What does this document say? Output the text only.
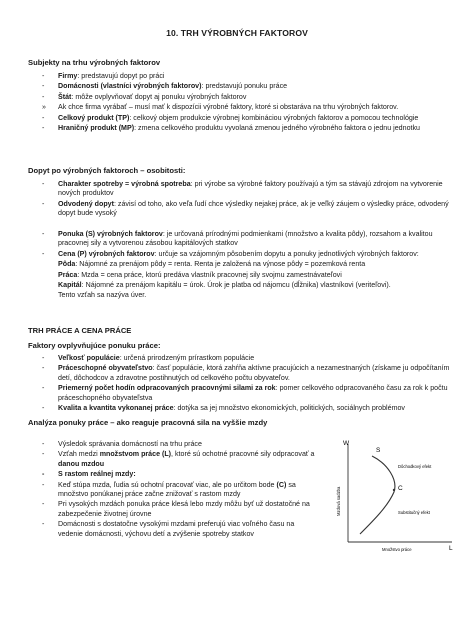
10. TRH VÝROBNÝCH FAKTOROV
Subjekty na trhu výrobných faktorov
- Firmy: predstavujú dopyt po práci
- Domácnosti (vlastníci výrobných faktorov): predstavujú ponuku práce
- Štát: môže ovplyvňovať dopyt aj ponuku výrobných faktorov
» Ak chce firma vyrábať – musí mať k dispozícii výrobné faktory, ktoré si obstaráva na trhu výrobných faktorov.
- Celkový produkt (TP): celkový objem produkcie výrobnej kombináciou výrobných faktorov a pomocou technológie
- Hraničný produkt (MP): zmena celkového produktu vyvolaná zmenou jedného výrobného faktora o jednu jednotku
Dopyt po výrobných faktoroch – osobitosti:
- Charakter spotreby = výrobná spotreba: pri výrobe sa výrobné faktory používajú a tým sa stávajú zdrojom na vytvorenie nových produktov
- Odvodený dopyt: závisí od toho, ako veľa ľudí chce výsledky nejakej práce, ak je veľký záujem o výsledky práce, odvodený dopyt bude vysoký
- Ponuka (S) výrobných faktorov: je určovaná prírodnými podmienkami (množstvo a kvalita pôdy), rozsahom a kvalitou pracovnej sily a vytvorenou zásobou kapitálových statkov
- Cena (P) výrobných faktorov: určuje sa vzájomným pôsobením dopytu a ponuky jednotlivých výrobných faktorov:
Pôda: Nájomné za prenájom pôdy = renta. Renta je založená na výnose pôdy = pozemková renta
Práca: Mzda = cena práce, ktorú predáva vlastník pracovnej sily svojmu zamestnávateľovi
Kapitál: Nájomné za prenájom kapitálu = úrok. Úrok je platba od nájomcu (dĺžnika) vlastníkovi (veriteľovi).
Tento vzťah sa nazýva úver.
TRH PRÁCE A CENA PRÁCE
Faktory ovplyvňujúce ponuku práce:
- Veľkosť populácie: určená prirodzeným prírastkom populácie
- Práceschopné obyvateľstvo: časť populácie, ktorá zahŕňa aktívne pracujúcich a nezamestnaných (získame ju odpočítaním detí, dôchodcov a zdravotne postihnutých od celkového počtu obyvateľov.
- Priemerný počet hodín odpracovaných pracovnými silami za rok: pomer celkového odpracovaného času za rok k počtu práceschopného obyvateľstva
- Kvalita a kvantita vykonanej práce: dotýka sa jej množstvo ekonomických, politických, sociálnych problémov
Analýza ponuky práce – ako reaguje pracovná sila na vyššie mzdy
- Výsledok správania domácností na trhu práce
- Vzťah medzi množstvom práce (L), ktoré sú ochotné pracovné sily odpracovať a danou mzdou
- S rastom reálnej mzdy:
- Keď stúpa mzda, ľudia sú ochotní pracovať viac, ale po určitom bode (C) sa množstvo ponúkanej práce začne znižovať s rastom mzdy
- Pri vysokých mzdách ponuka práce klesá lebo mzdy môžu byť už dostatočné na zabezpečenie životnej úrovne
- Domácnosti s dostatočne vysokými mzdami preferujú viac voľného času na vedenie domácnosti, výchovu detí a zvýšenie spotreby statkov
W
L
Mzdová sadzba
Množstvo práce
S
C
Dôchodkový efekt
Substitučný efekt
